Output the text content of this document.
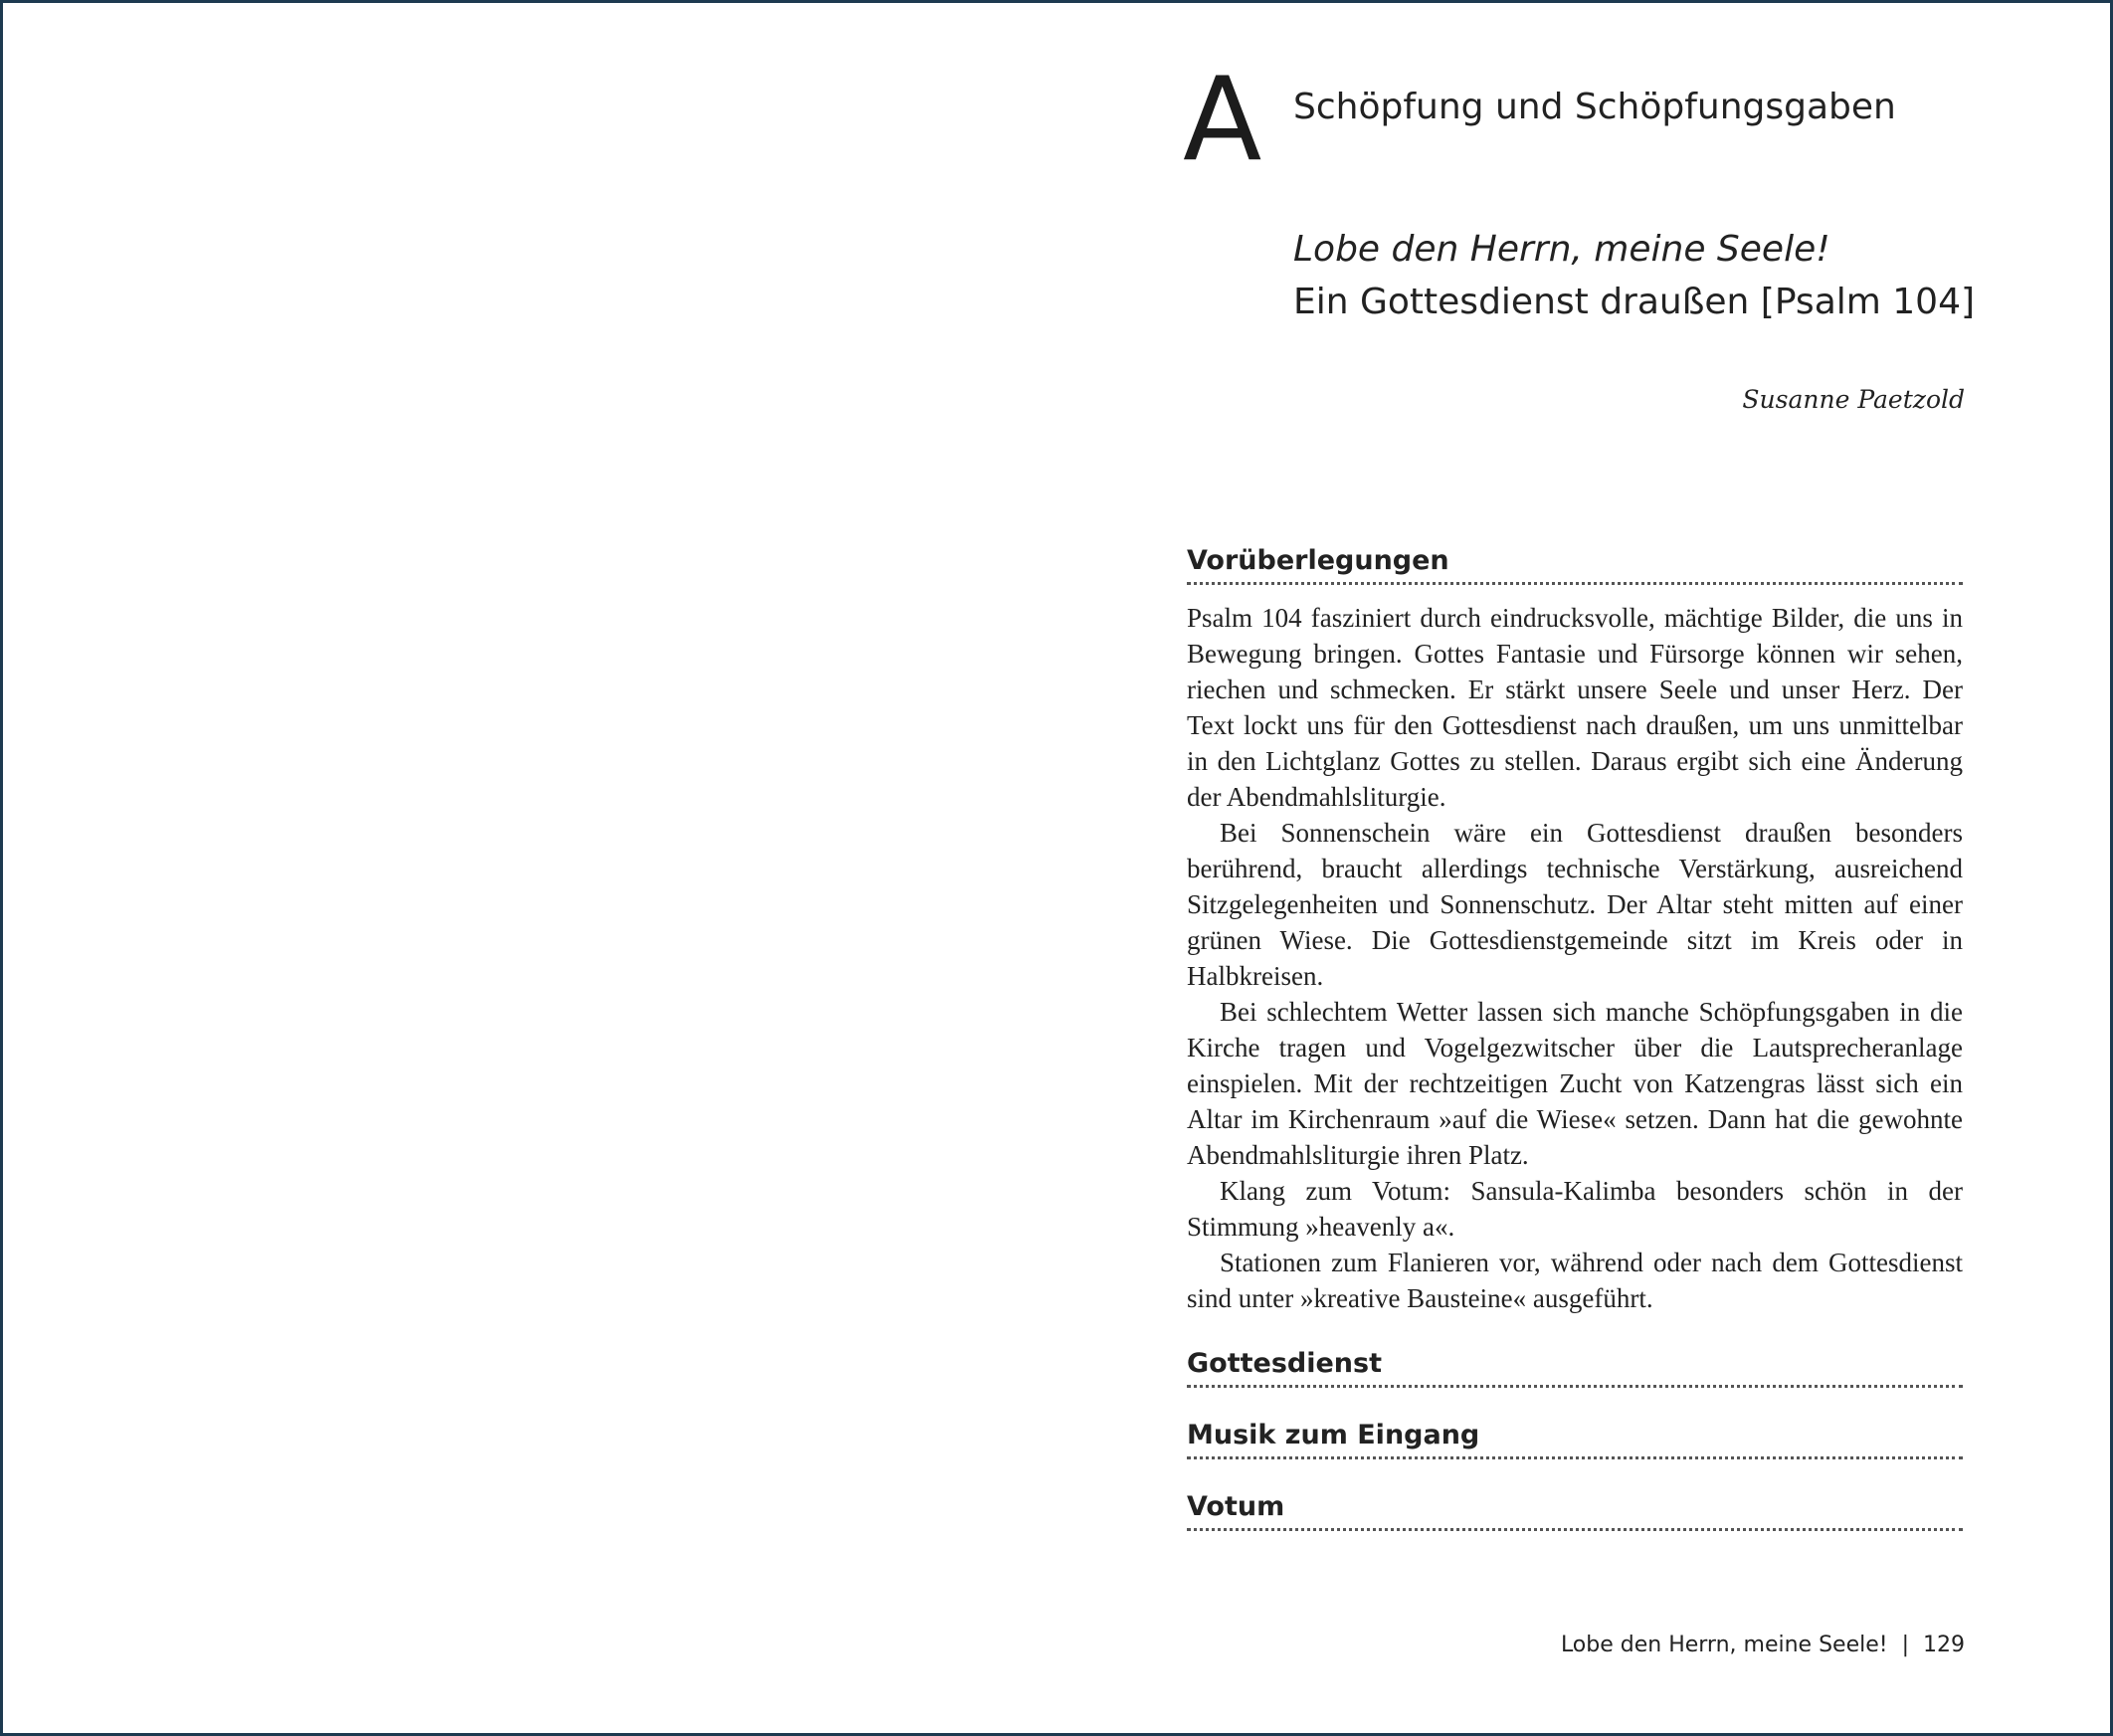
A Schöpfung und Schöpfungsgaben
Lobe den Herrn, meine Seele!
Ein Gottesdienst draußen [Psalm 104]
Susanne Paetzold
Vorüberlegungen

Psalm 104 fasziniert durch eindrucksvolle, mächtige Bilder, die uns in Bewegung bringen. Gottes Fantasie und Fürsorge können wir sehen, riechen und schmecken. Er stärkt unsere Seele und unser Herz. Der Text lockt uns für den Gottesdienst nach draußen, um uns unmittelbar in den Lichtglanz Gottes zu stellen. Daraus ergibt sich eine Änderung der Abendmahlsliturgie.

Bei Sonnenschein wäre ein Gottesdienst draußen besonders berührend, braucht allerdings technische Verstärkung, ausreichend Sitzgelegenheiten und Sonnenschutz. Der Altar steht mitten auf einer grünen Wiese. Die Gottesdienstgemeinde sitzt im Kreis oder in Halbkreisen.

Bei schlechtem Wetter lassen sich manche Schöpfungsgaben in die Kirche tragen und Vogelgezwitscher über die Lautsprecheranlage einspielen. Mit der rechtzeitigen Zucht von Katzengras lässt sich ein Altar im Kirchenraum »auf die Wiese« setzen. Dann hat die gewohnte Abendmahlsliturgie ihren Platz.

Klang zum Votum: Sansula-Kalimba besonders schön in der Stimmung »heavenly a«.

Stationen zum Flanieren vor, während oder nach dem Gottesdienst sind unter »kreative Bausteine« ausgeführt.

Gottesdienst
Musik zum Eingang
Votum
Lobe den Herrn, meine Seele! | 129
